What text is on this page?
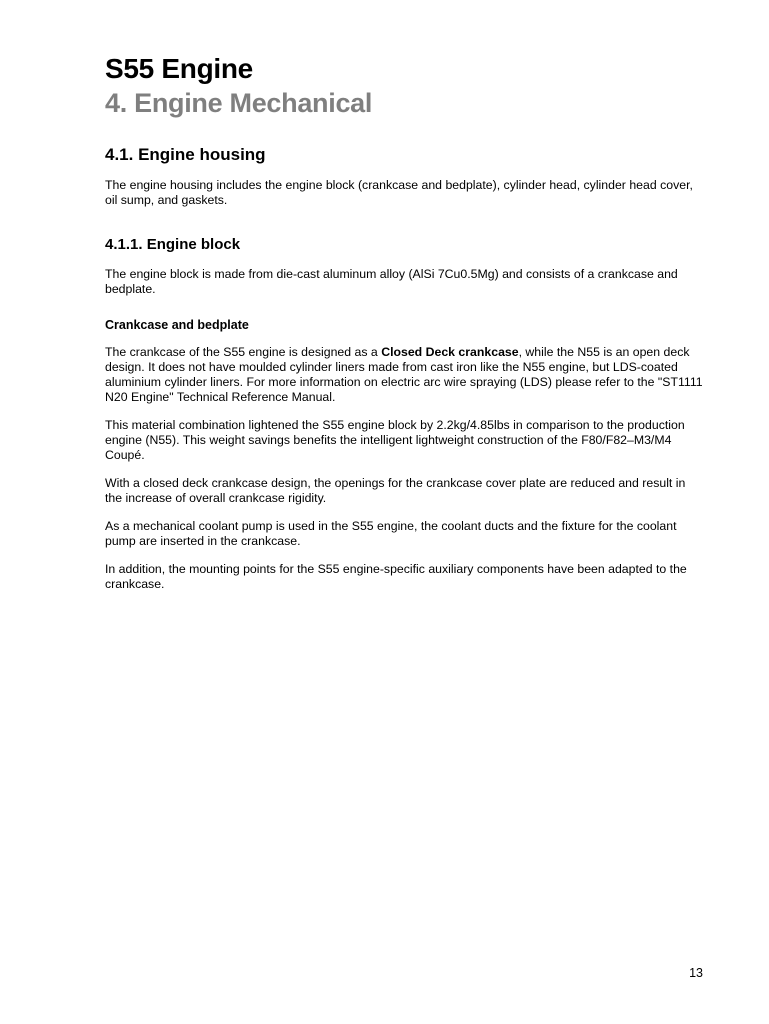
S55 Engine
4. Engine Mechanical
4.1. Engine housing

The engine housing includes the engine block (crankcase and bedplate), cylinder head, cylinder head cover, oil sump, and gaskets.

4.1.1. Engine block

The engine block is made from die-cast aluminum alloy (AlSi 7Cu0.5Mg) and consists of a crankcase and bedplate.

Crankcase and bedplate

The crankcase of the S55 engine is designed as a Closed Deck crankcase, while the N55 is an open deck design. It does not have moulded cylinder liners made from cast iron like the N55 engine, but LDS-coated aluminium cylinder liners. For more information on electric arc wire spraying (LDS) please refer to the "ST1111 N20 Engine" Technical Reference Manual.

This material combination lightened the S55 engine block by 2.2kg/4.85lbs in comparison to the production engine (N55). This weight savings benefits the intelligent lightweight construction of the F80/F82–M3/M4 Coupé.

With a closed deck crankcase design, the openings for the crankcase cover plate are reduced and result in the increase of overall crankcase rigidity.

As a mechanical coolant pump is used in the S55 engine, the coolant ducts and the fixture for the coolant pump are inserted in the crankcase.

In addition, the mounting points for the S55 engine-specific auxiliary components have been adapted to the crankcase.

13
